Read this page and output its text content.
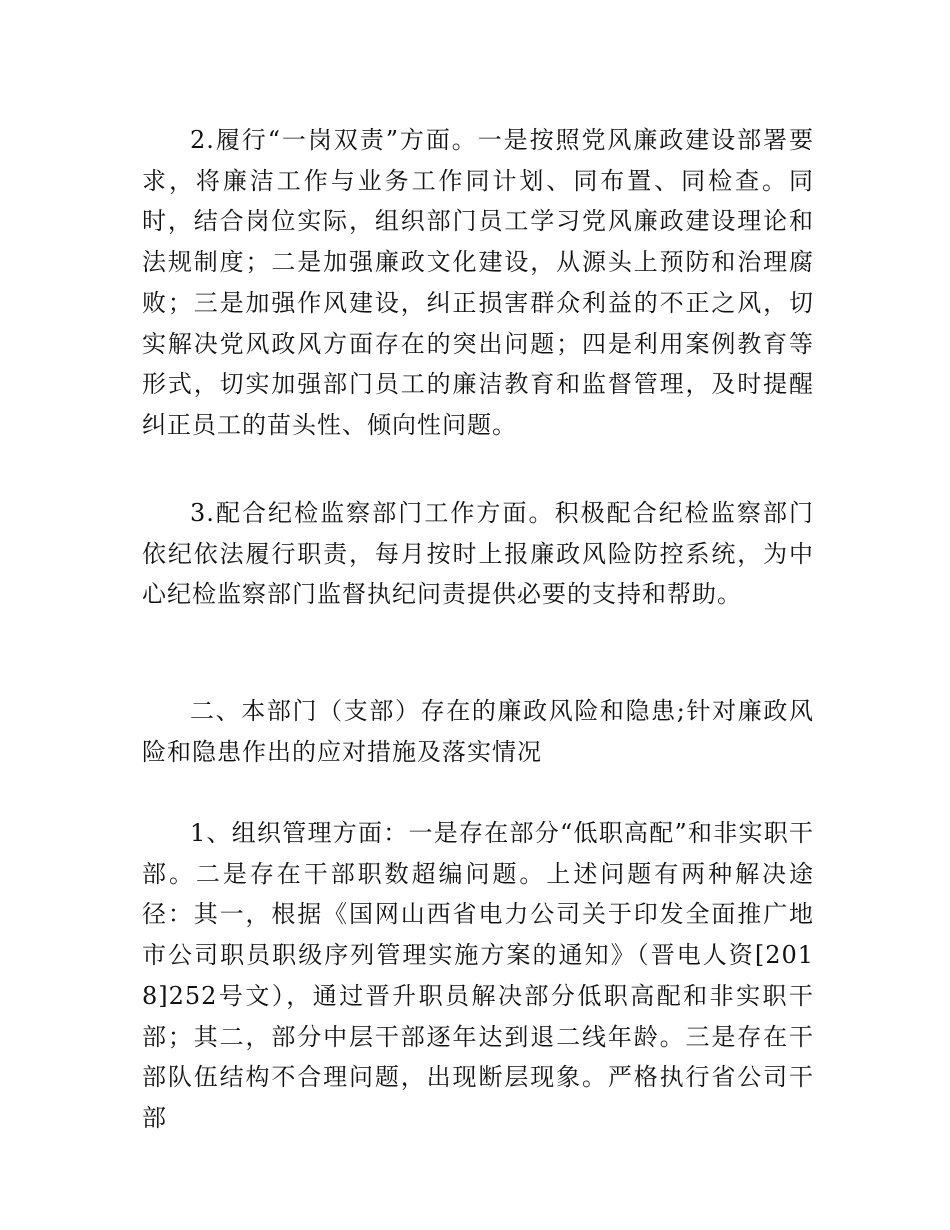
2.履行“一岗双责”方面。一是按照党风廉政建设部署要求，将廉洁工作与业务工作同计划、同布置、同检查。同时，结合岗位实际，组织部门员工学习党风廉政建设理论和法规制度；二是加强廉政文化建设，从源头上预防和治理腐败；三是加强作风建设，纠正损害群众利益的不正之风，切实解决党风政风方面存在的突出问题；四是利用案例教育等形式，切实加强部门员工的廉洁教育和监督管理，及时提醒纠正员工的苗头性、倾向性问题。

3.配合纪检监察部门工作方面。积极配合纪检监察部门依纪依法履行职责，每月按时上报廉政风险防控系统，为中心纪检监察部门监督执纪问责提供必要的支持和帮助。

二、本部门（支部）存在的廉政风险和隐患;针对廉政风险和隐患作出的应对措施及落实情况

1、组织管理方面：一是存在部分“低职高配”和非实职干部。二是存在干部职数超编问题。上述问题有两种解决途径：其一，根据《国网山西省电力公司关于印发全面推广地市公司职员职级序列管理实施方案的通知》（晋电人资[2018]252号文），通过晋升职员解决部分低职高配和非实职干部；其二，部分中层干部逐年达到退二线年龄。三是存在干部队伍结构不合理问题，出现断层现象。严格执行省公司干部
